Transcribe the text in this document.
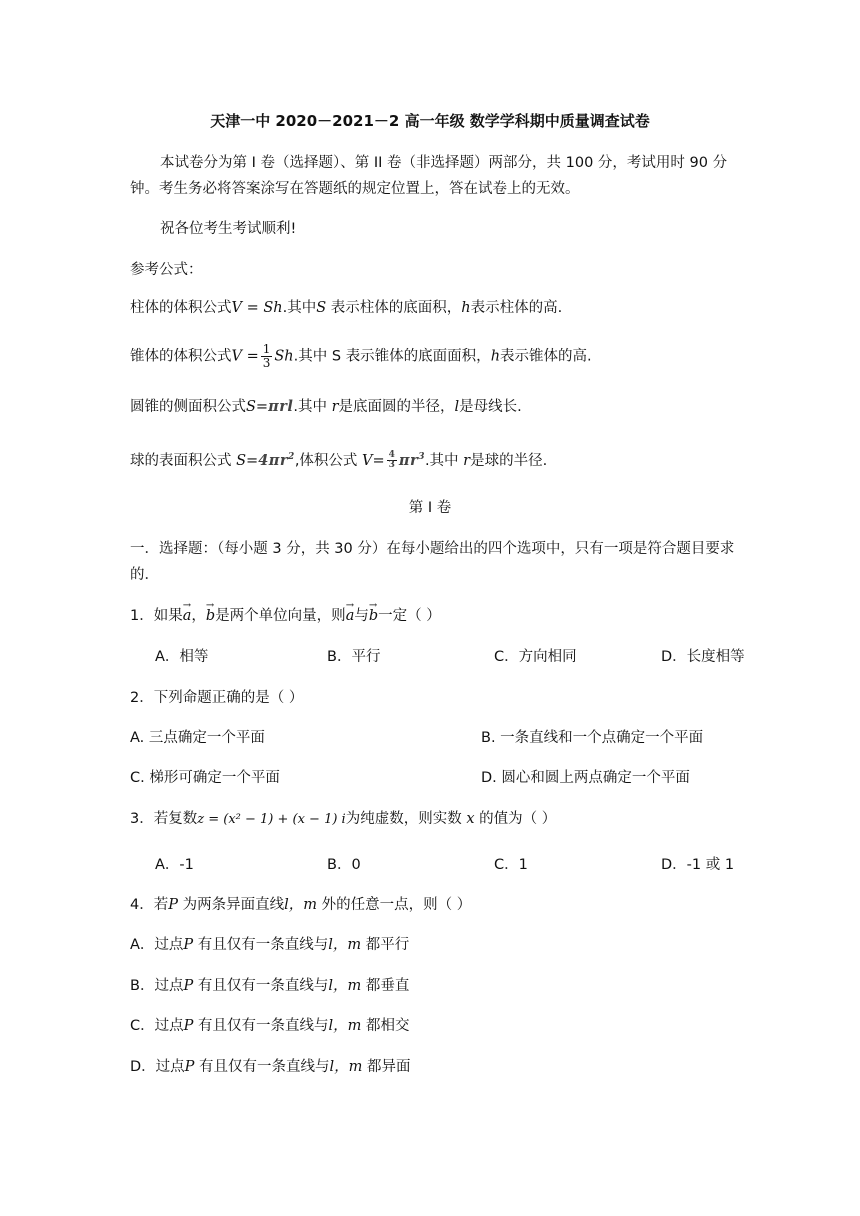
天津一中 2020－2021－2 高一年级 数学学科期中质量调查试卷
本试卷分为第 I 卷（选择题）、第 II 卷（非选择题）两部分，共 100 分，考试用时 90 分
钟。考生务必将答案涂写在答题纸的规定位置上，答在试卷上的无效。
祝各位考生考试顺利!
参考公式：
柱体的体积公式V = Sh.其中S 表示柱体的底面积，h表示柱体的高.
锥体的体积公式$V = \frac{1}{3} Sh$.其中 S 表示锥体的底面面积，h表示锥体的高.
圆锥的侧面积公式S=πrl.其中 r是底面圆的半径，l是母线长.
球的表面积公式 $S=4\pi r^2$,体积公式 $V= \frac{4}{3} \pi r^3$.其中 r是球的半径.
第 I 卷
一．选择题：（每小题 3 分，共 30 分）在每小题给出的四个选项中，只有一项是符合题目要求
的．
1．如果→ a，→ b是两个单位向量，则→ a与→ b一定（ ）
A．相等	B．平行	C．方向相同	D．长度相等
2．下列命题正确的是（ ）
A. 三点确定一个平面	B. 一条直线和一个点确定一个平面
C. 梯形可确定一个平面	D. 圆心和圆上两点确定一个平面
3．若复数z = (x² − 1) + (x − 1) i为纯虚数，则实数 x 的值为（ ）
A．-1	B．0	C．1	D．-1 或 1
4．若P 为两条异面直线l，m 外的任意一点，则（ ）
A．过点P 有且仅有一条直线与l，m 都平行
B．过点P 有且仅有一条直线与l，m 都垂直
C．过点P 有且仅有一条直线与l，m 都相交
D．过点P 有且仅有一条直线与l，m 都异面
